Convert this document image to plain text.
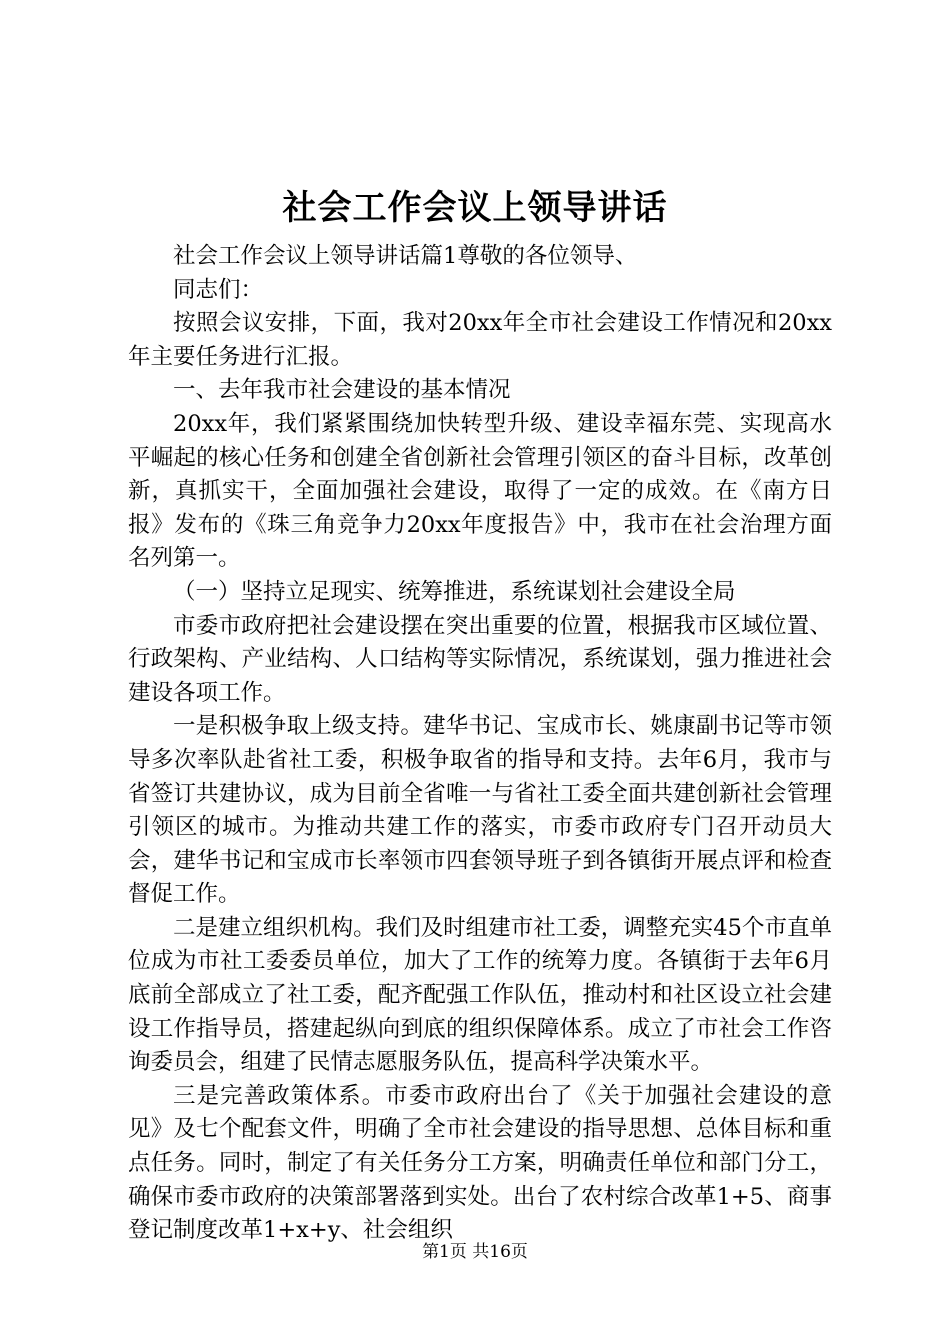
社会工作会议上领导讲话

社会工作会议上领导讲话篇1尊敬的各位领导、

同志们：

按照会议安排，下面，我对20xx年全市社会建设工作情况和20xx年主要任务进行汇报。

一、去年我市社会建设的基本情况

20xx年，我们紧紧围绕加快转型升级、建设幸福东莞、实现高水平崛起的核心任务和创建全省创新社会管理引领区的奋斗目标，改革创新，真抓实干，全面加强社会建设，取得了一定的成效。在《南方日报》发布的《珠三角竞争力20xx年度报告》中，我市在社会治理方面名列第一。

（一）坚持立足现实、统筹推进，系统谋划社会建设全局

市委市政府把社会建设摆在突出重要的位置，根据我市区域位置、行政架构、产业结构、人口结构等实际情况，系统谋划，强力推进社会建设各项工作。

一是积极争取上级支持。建华书记、宝成市长、姚康副书记等市领导多次率队赴省社工委，积极争取省的指导和支持。去年6月，我市与省签订共建协议，成为目前全省唯一与省社工委全面共建创新社会管理引领区的城市。为推动共建工作的落实，市委市政府专门召开动员大会，建华书记和宝成市长率领市四套领导班子到各镇街开展点评和检查督促工作。

二是建立组织机构。我们及时组建市社工委，调整充实45个市直单位成为市社工委委员单位，加大了工作的统筹力度。各镇街于去年6月底前全部成立了社工委，配齐配强工作队伍，推动村和社区设立社会建设工作指导员，搭建起纵向到底的组织保障体系。成立了市社会工作咨询委员会，组建了民情志愿服务队伍，提高科学决策水平。

三是完善政策体系。市委市政府出台了《关于加强社会建设的意见》及七个配套文件，明确了全市社会建设的指导思想、总体目标和重点任务。同时，制定了有关任务分工方案，明确责任单位和部门分工，确保市委市政府的决策部署落到实处。出台了农村综合改革1+5、商事登记制度改革1+x+y、社会组织

第1页 共16页
